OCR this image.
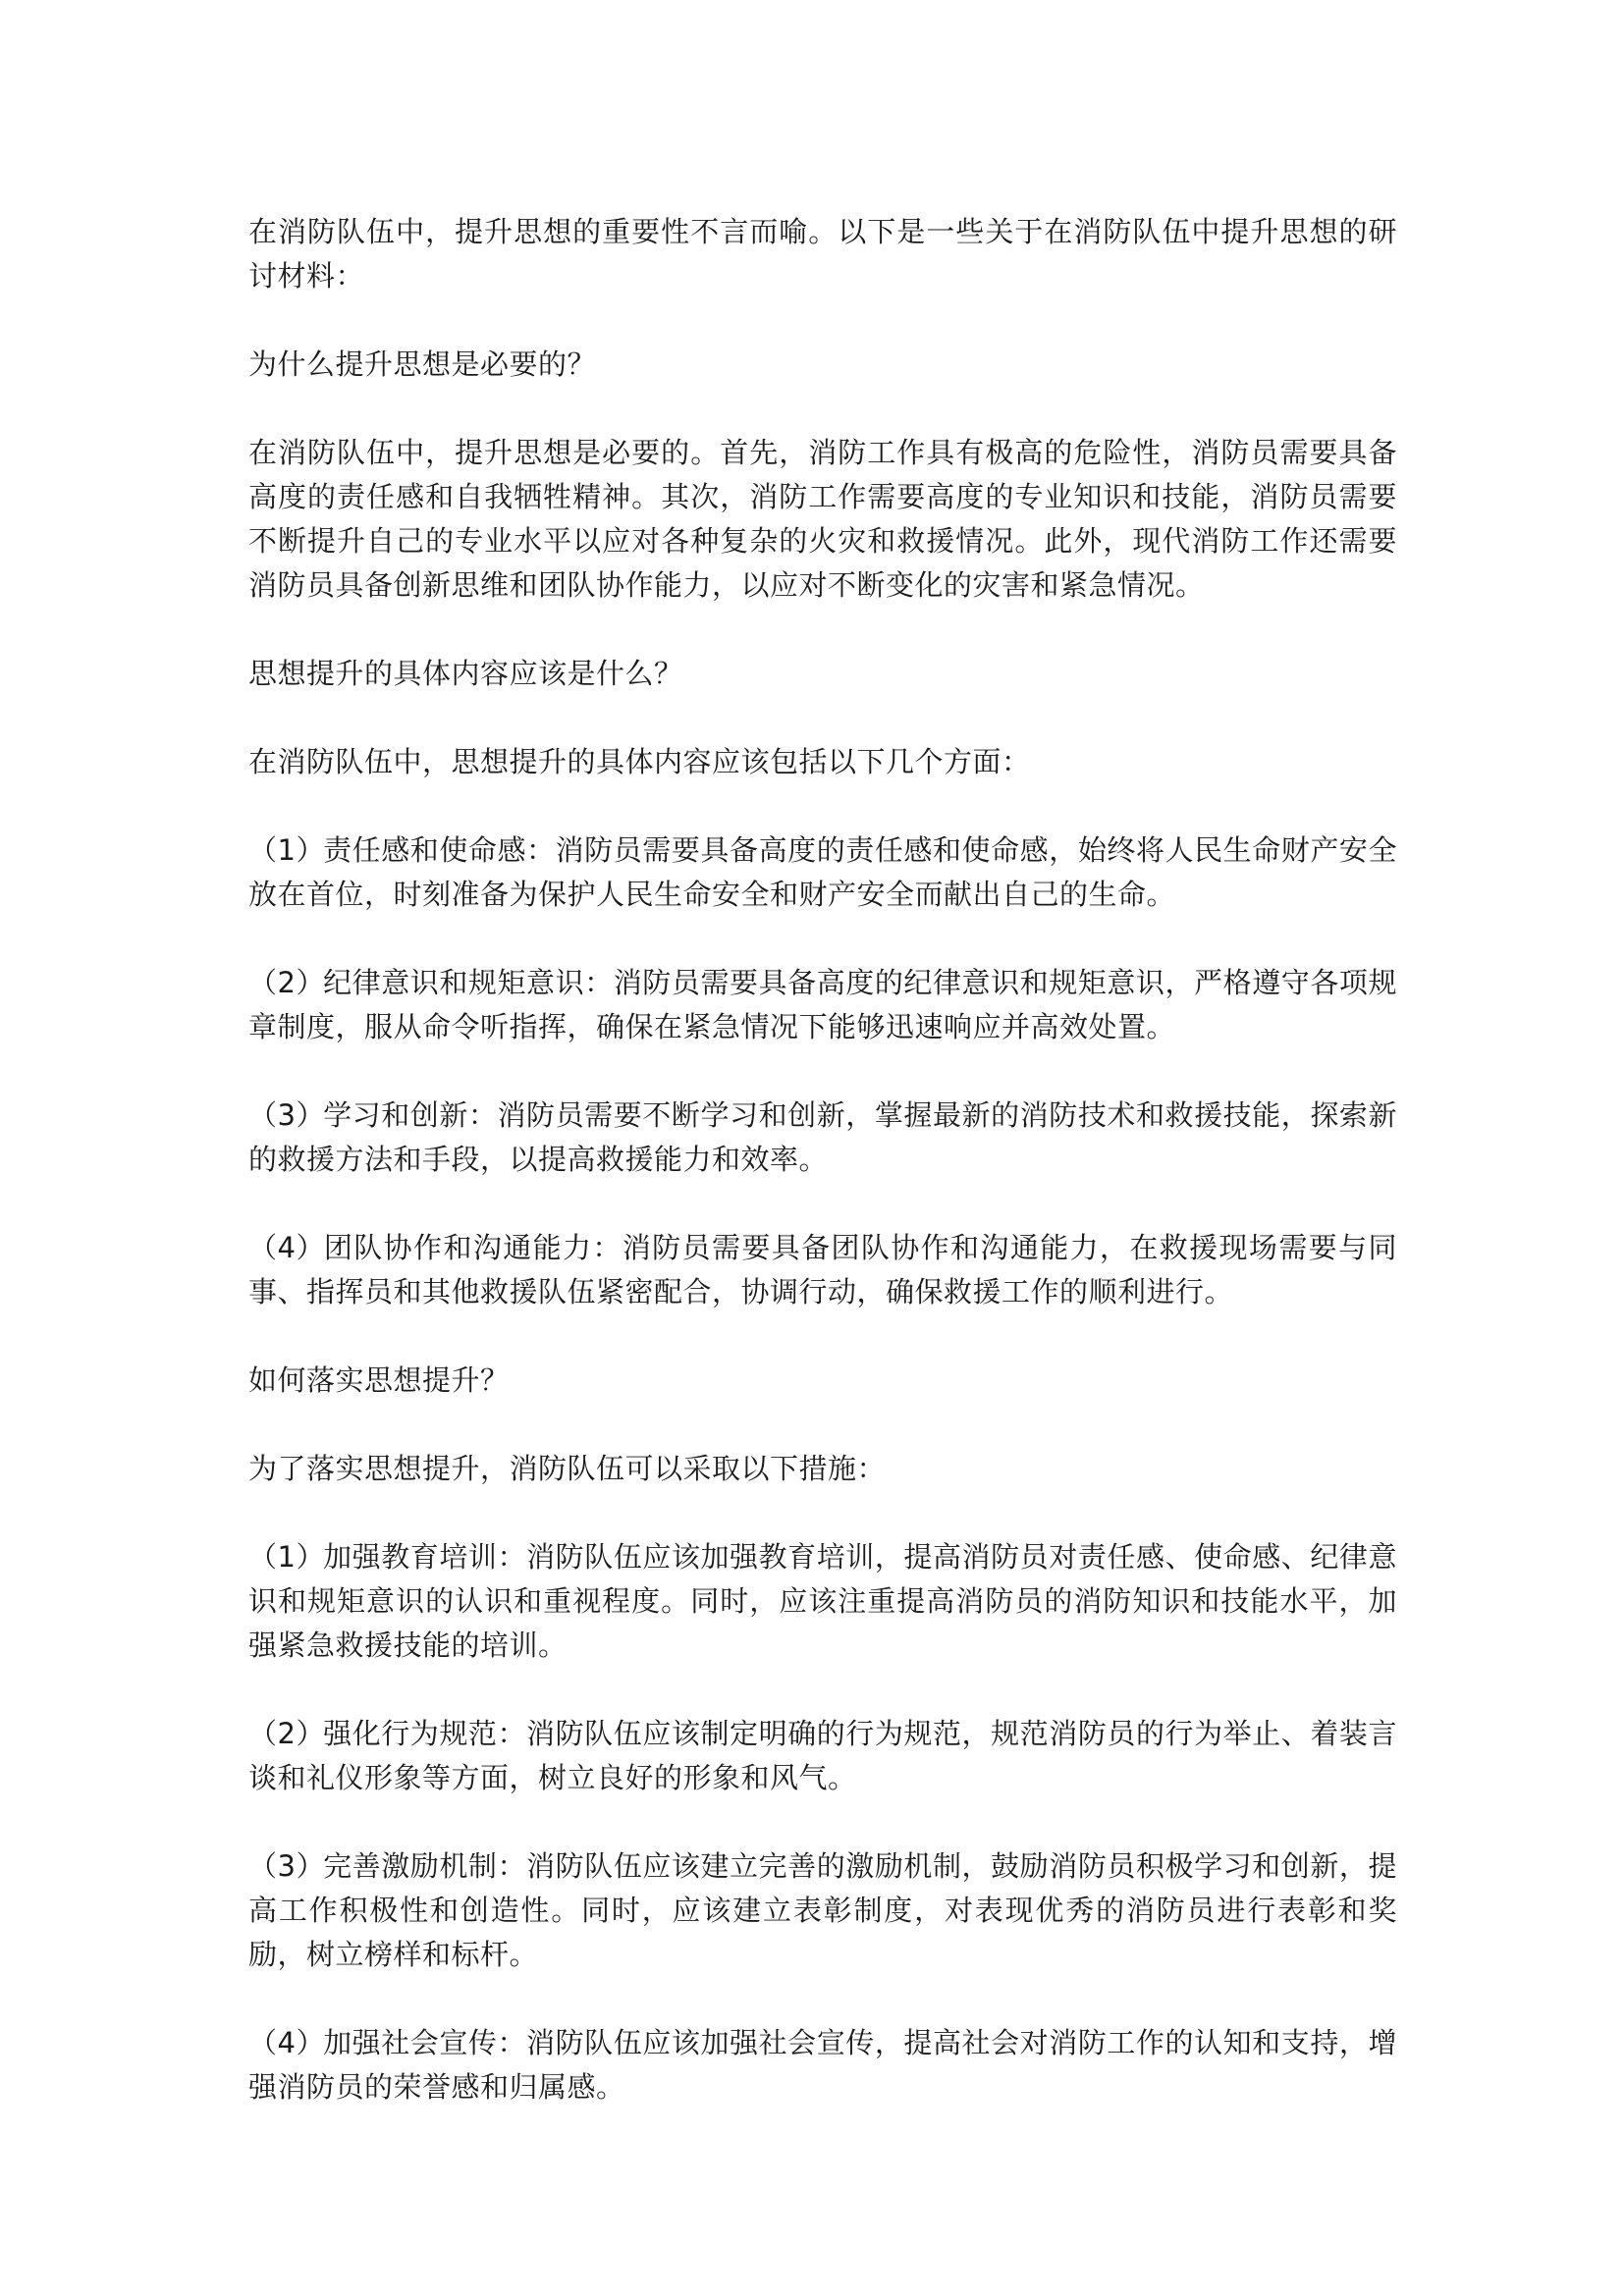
在消防队伍中，提升思想的重要性不言而喻。以下是一些关于在消防队伍中提升思想的研讨材料：

为什么提升思想是必要的？

在消防队伍中，提升思想是必要的。首先，消防工作具有极高的危险性，消防员需要具备高度的责任感和自我牺牲精神。其次，消防工作需要高度的专业知识和技能，消防员需要不断提升自己的专业水平以应对各种复杂的火灾和救援情况。此外，现代消防工作还需要消防员具备创新思维和团队协作能力，以应对不断变化的灾害和紧急情况。

思想提升的具体内容应该是什么？

在消防队伍中，思想提升的具体内容应该包括以下几个方面：

（1）责任感和使命感：消防员需要具备高度的责任感和使命感，始终将人民生命财产安全放在首位，时刻准备为保护人民生命安全和财产安全而献出自己的生命。

（2）纪律意识和规矩意识：消防员需要具备高度的纪律意识和规矩意识，严格遵守各项规章制度，服从命令听指挥，确保在紧急情况下能够迅速响应并高效处置。

（3）学习和创新：消防员需要不断学习和创新，掌握最新的消防技术和救援技能，探索新的救援方法和手段，以提高救援能力和效率。

（4）团队协作和沟通能力：消防员需要具备团队协作和沟通能力，在救援现场需要与同事、指挥员和其他救援队伍紧密配合，协调行动，确保救援工作的顺利进行。

如何落实思想提升？

为了落实思想提升，消防队伍可以采取以下措施：

（1）加强教育培训：消防队伍应该加强教育培训，提高消防员对责任感、使命感、纪律意识和规矩意识的认识和重视程度。同时，应该注重提高消防员的消防知识和技能水平，加强紧急救援技能的培训。

（2）强化行为规范：消防队伍应该制定明确的行为规范，规范消防员的行为举止、着装言谈和礼仪形象等方面，树立良好的形象和风气。

（3）完善激励机制：消防队伍应该建立完善的激励机制，鼓励消防员积极学习和创新，提高工作积极性和创造性。同时，应该建立表彰制度，对表现优秀的消防员进行表彰和奖励，树立榜样和标杆。

（4）加强社会宣传：消防队伍应该加强社会宣传，提高社会对消防工作的认知和支持，增强消防员的荣誉感和归属感。
